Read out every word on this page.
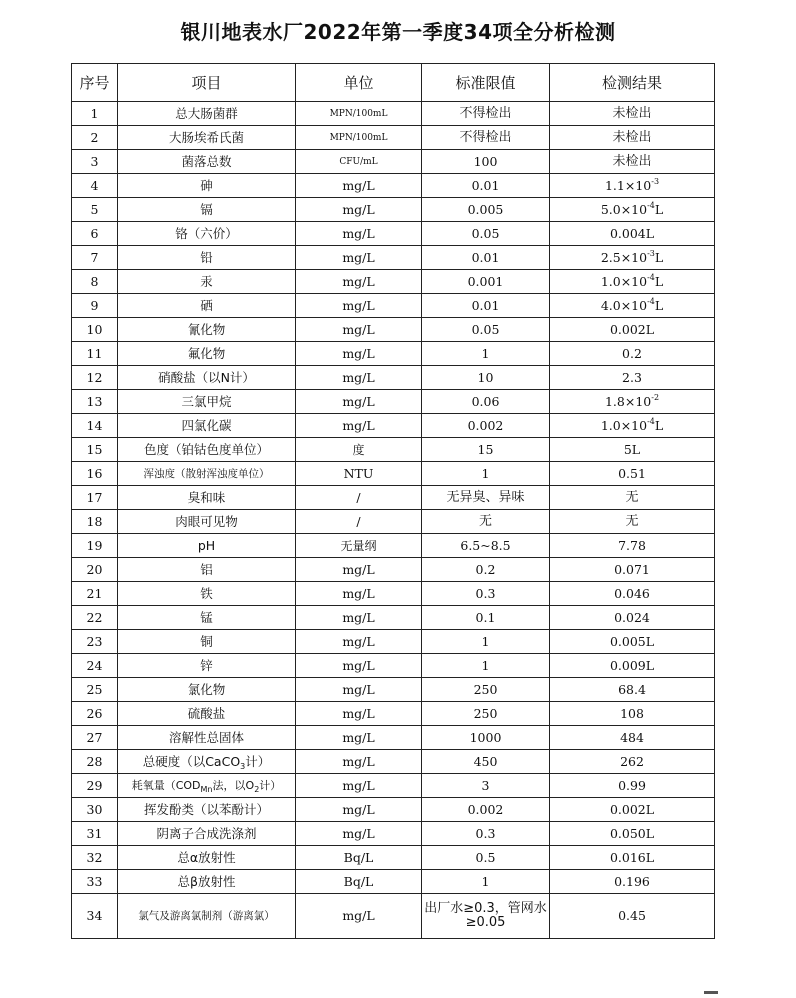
银川地表水厂2022年第一季度34项全分析检测
序号	项目	单位	标准限值	检测结果
1	总大肠菌群	MPN/100mL	不得检出	未检出
2	大肠埃希氏菌	MPN/100mL	不得检出	未检出
3	菌落总数	CFU/mL	100	未检出
4	砷	mg/L	0.01	$1.1\times 10^{-3}$
5	镉	mg/L	0.005	$5.0\times 10^{-4}L$
6	铬（六价）	mg/L	0.05	0.004L
7	铅	mg/L	0.01	$2.5\times 10^{-3}L$
8	汞	mg/L	0.001	$1.0\times 10^{-4}L$
9	硒	mg/L	0.01	$4.0\times 10^{-4}L$
10	氰化物	mg/L	0.05	0.002L
11	氟化物	mg/L	1	0.2
12	硝酸盐（以N计）	mg/L	10	2.3
13	三氯甲烷	mg/L	0.06	$1.8\times 10^{-2}$
14	四氯化碳	mg/L	0.002	$1.0\times 10^{-4}L$
15	色度（铂钴色度单位）	度	15	5L
16	浑浊度（散射浑浊度单位）	NTU	1	0.51
17	臭和味	/	无异臭、异味	无
18	肉眼可见物	/	无	无
19	pH	无量纲	6.5~8.5	7.78
20	铝	mg/L	0.2	0.071
21	铁	mg/L	0.3	0.046
22	锰	mg/L	0.1	0.024
23	铜	mg/L	1	0.005L
24	锌	mg/L	1	0.009L
25	氯化物	mg/L	250	68.4
26	硫酸盐	mg/L	250	108
27	溶解性总固体	mg/L	1000	484
28	总硬度（以CaCO$_3$计）	mg/L	450	262
29	耗氧量（$COD_{Mn}$法，以$O_2$计）	mg/L	3	0.99
30	挥发酚类（以苯酚计）	mg/L	0.002	0.002L
31	阴离子合成洗涤剂	mg/L	0.3	0.050L
32	总α放射性	Bq/L	0.5	0.016L
33	总β放射性	Bq/L	1	0.196
34	氯气及游离氯制剂（游离氯）	mg/L	出厂水≥0.3，管网水≥0.05	0.45
